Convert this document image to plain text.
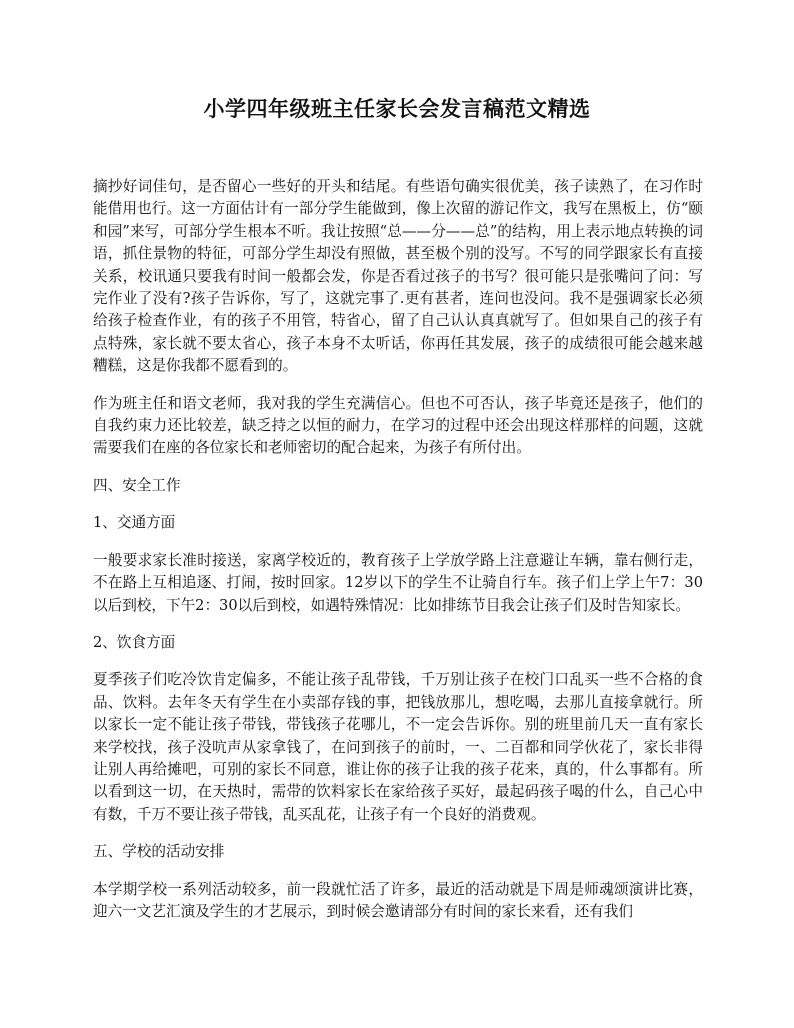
小学四年级班主任家长会发言稿范文精选

摘抄好词佳句，是否留心一些好的开头和结尾。有些语句确实很优美，孩子读熟了，在习作时能借用也行。这一方面估计有一部分学生能做到，像上次留的游记作文，我写在黑板上，仿“颐和园”来写，可部分学生根本不听。我让按照“总——分——总”的结构，用上表示地点转换的词语，抓住景物的特征，可部分学生却没有照做，甚至极个别的没写。不写的同学跟家长有直接关系，校讯通只要我有时间一般都会发，你是否看过孩子的书写？很可能只是张嘴问了问：写完作业了没有?孩子告诉你，写了，这就完事了.更有甚者，连问也没问。我不是强调家长必须给孩子检查作业，有的孩子不用管，特省心，留了自己认认真真就写了。但如果自己的孩子有点特殊，家长就不要太省心，孩子本身不太听话，你再任其发展，孩子的成绩很可能会越来越糟糕，这是你我都不愿看到的。

作为班主任和语文老师，我对我的学生充满信心。但也不可否认，孩子毕竟还是孩子，他们的自我约束力还比较差，缺乏持之以恒的耐力，在学习的过程中还会出现这样那样的问题，这就需要我们在座的各位家长和老师密切的配合起来，为孩子有所付出。

四、安全工作

1、交通方面

一般要求家长准时接送，家离学校近的，教育孩子上学放学路上注意避让车辆，靠右侧行走，不在路上互相追逐、打闹，按时回家。12岁以下的学生不让骑自行车。孩子们上学上午7：30以后到校，下午2：30以后到校，如遇特殊情况：比如排练节目我会让孩子们及时告知家长。

2、饮食方面

夏季孩子们吃冷饮肯定偏多，不能让孩子乱带钱，千万别让孩子在校门口乱买一些不合格的食品、饮料。去年冬天有学生在小卖部存钱的事，把钱放那儿，想吃喝，去那儿直接拿就行。所以家长一定不能让孩子带钱，带钱孩子花哪儿，不一定会告诉你。别的班里前几天一直有家长来学校找，孩子没吭声从家拿钱了，在问到孩子的前时，一、二百都和同学伙花了，家长非得让别人再给摊吧，可别的家长不同意，谁让你的孩子让我的孩子花来，真的，什么事都有。所以看到这一切，在天热时，需带的饮料家长在家给孩子买好，最起码孩子喝的什么，自己心中有数，千万不要让孩子带钱，乱买乱花，让孩子有一个良好的消费观。

五、学校的活动安排

本学期学校一系列活动较多，前一段就忙活了许多，最近的活动就是下周是师魂颂演讲比赛，迎六一文艺汇演及学生的才艺展示，到时候会邀请部分有时间的家长来看，还有我们
